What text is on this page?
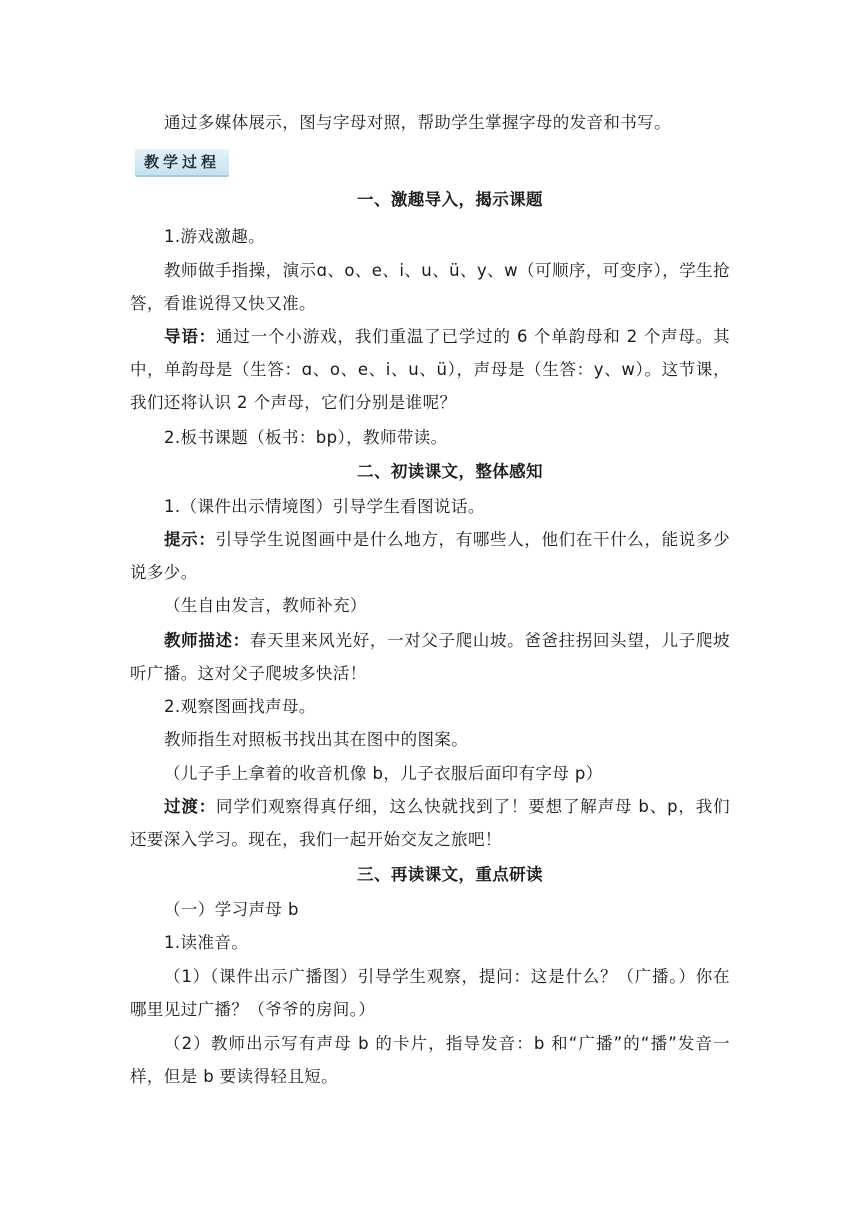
通过多媒体展示，图与字母对照，帮助学生掌握字母的发音和书写。

教学过程

一、激趣导入，揭示课题

1.游戏激趣。

教师做手指操，演示ɑ、o、e、i、u、ü、y、w（可顺序，可变序），学生抢答，看谁说得又快又准。

导语：通过一个小游戏，我们重温了已学过的 6 个单韵母和 2 个声母。其中，单韵母是（生答：ɑ、o、e、i、u、ü），声母是（生答：y、w）。这节课，我们还将认识 2 个声母，它们分别是谁呢？

2.板书课题（板书：bp），教师带读。

二、初读课文，整体感知

1.（课件出示情境图）引导学生看图说话。

提示：引导学生说图画中是什么地方，有哪些人，他们在干什么，能说多少说多少。

（生自由发言，教师补充）

教师描述：春天里来风光好，一对父子爬山坡。爸爸拄拐回头望，儿子爬坡听广播。这对父子爬坡多快活！

2.观察图画找声母。

教师指生对照板书找出其在图中的图案。

（儿子手上拿着的收音机像 b，儿子衣服后面印有字母 p）

过渡：同学们观察得真仔细，这么快就找到了！要想了解声母 b、p，我们还要深入学习。现在，我们一起开始交友之旅吧！

三、再读课文，重点研读

（一）学习声母 b

1.读准音。

（1）（课件出示广播图）引导学生观察，提问：这是什么？（广播。）你在哪里见过广播？（爷爷的房间。）

（2）教师出示写有声母 b 的卡片，指导发音：b 和“广播”的“播”发音一样，但是 b 要读得轻且短。
